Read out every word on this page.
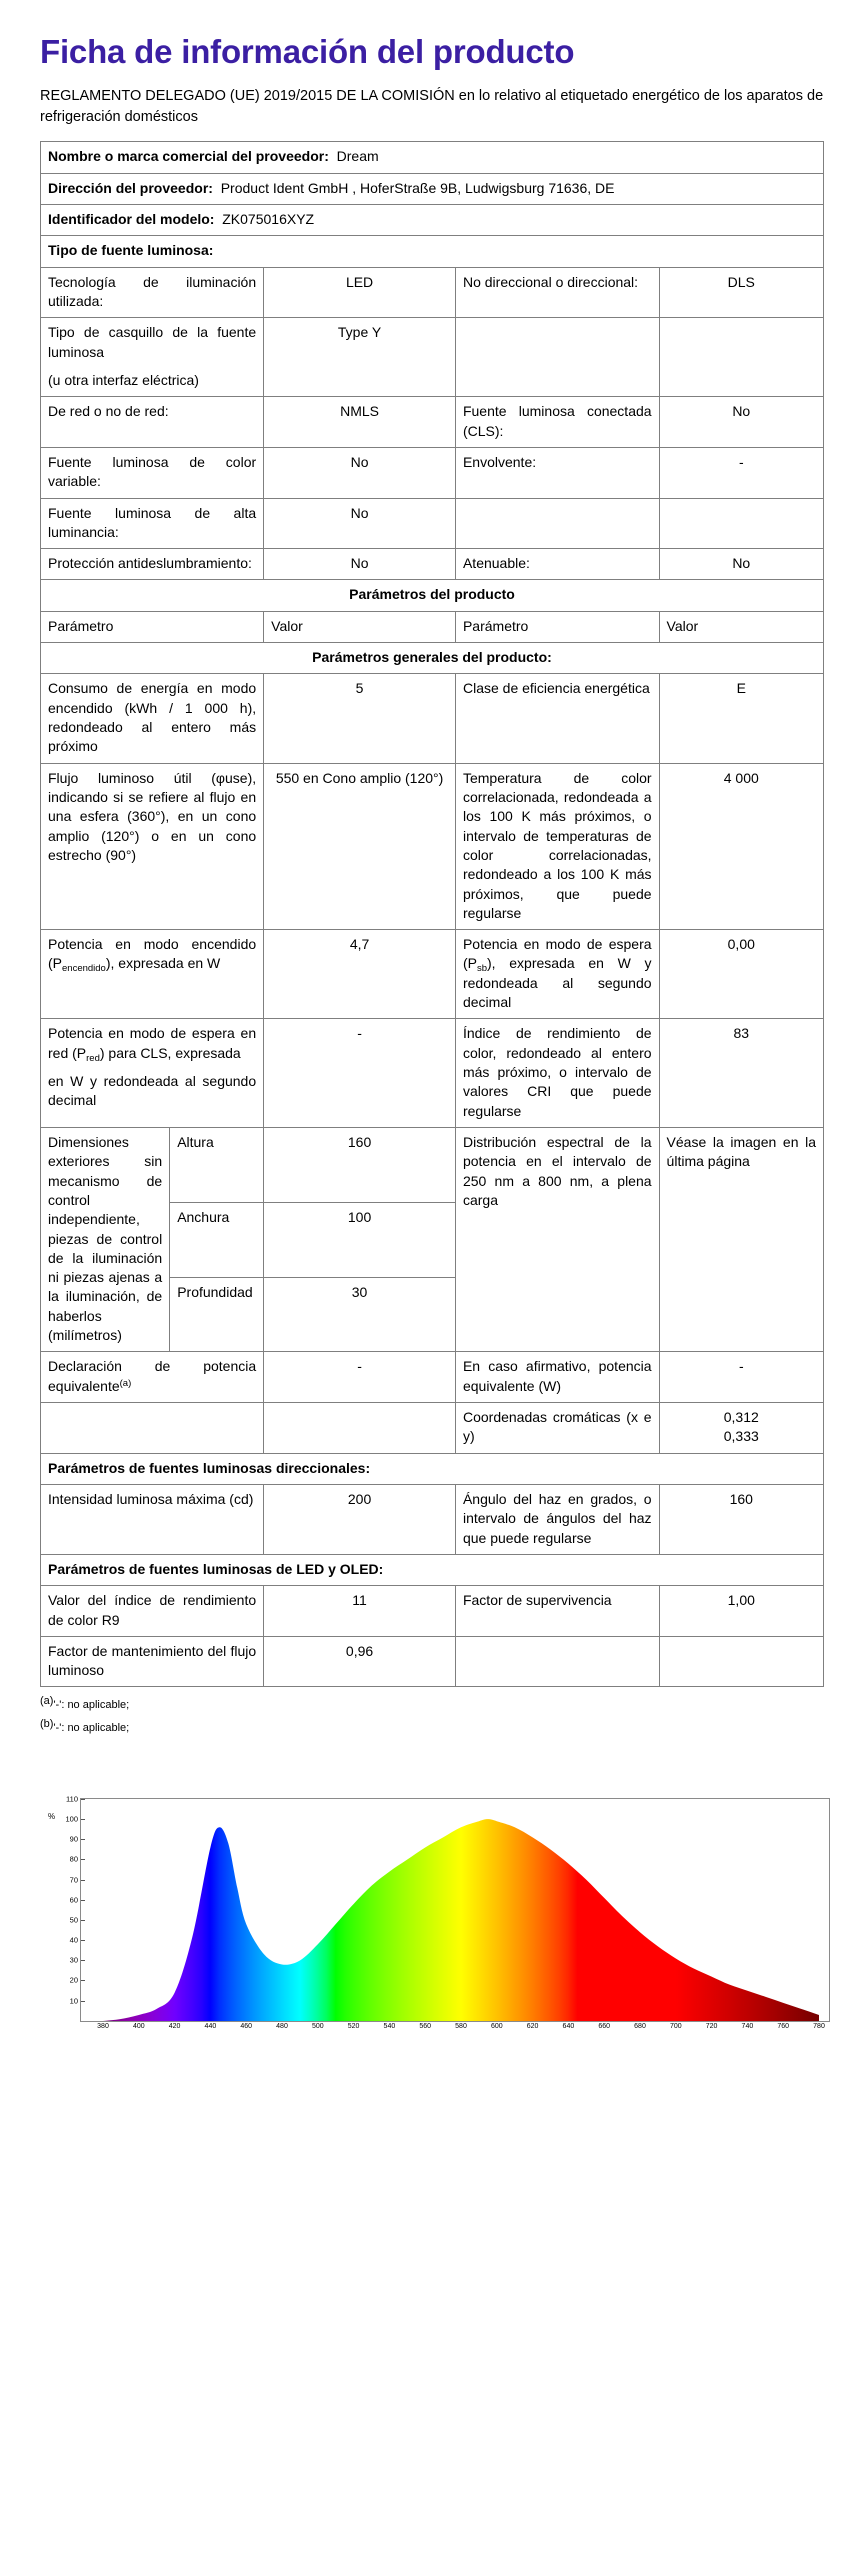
Ficha de información del producto
REGLAMENTO DELEGADO (UE) 2019/2015 DE LA COMISIÓN en lo relativo al etiquetado energético de los aparatos de refrigeración domésticos
Nombre o marca comercial del proveedor: Dream				
Dirección del proveedor: Product Ident GmbH , HoferStraße 9B, Ludwigsburg 71636, DE				
Identificador del modelo: ZK075016XYZ				
Tipo de fuente luminosa:				
Tecnología de iluminación utilizada:		LED	No direccional o direccional:	DLS

Tipo de casquillo de la fuente luminosa
(u otra interfaz eléctrica)		Type Y		
De red o no de red:		NMLS	Fuente luminosa conectada (CLS):	No
Fuente luminosa de color variable:		No	Envolvente:	-
Fuente luminosa de alta luminancia:		No		
Protección antideslumbramiento:		No	Atenuable:	No
Parámetros del producto				
Parámetro		Valor	Parámetro	Valor
Parámetros generales del producto:				
Consumo de energía en modo encendido (kWh / 1 000 h), redondeado al entero más próximo		5	Clase de eficiencia energética	E
Flujo luminoso útil (φuse), indicando si se refiere al flujo en una esfera (360°), en un cono amplio (120°) o en un cono estrecho (90°)		550 en Cono amplio (120°)	Temperatura de color correlacionada, redondeada a los 100 K más próximos, o intervalo de temperaturas de color correlacionadas, redondeado a los 100 K más próximos, que puede regularse	4 000
Potencia en modo encendido $(P_{encendido})$, expresada en W		4,7	Potencia en modo de espera $(P_{sb})$, expresada en W y redondeada al segundo decimal	0,00
Potencia en modo de espera en red $(P_{red})$ para CLS, expresada
en W y redondeada al segundo decimal		-	Índice de rendimiento de color, redondeado al entero más próximo, o intervalo de valores CRI que puede regularse	83
Dimensiones exteriores sin mecanismo de control independiente, piezas de control de la iluminación ni piezas ajenas a la iluminación, de haberlos (milímetros)	Altura	160	Distribución espectral de la potencia en el intervalo de 250 nm a 800 nm, a plena carga	Véase la imagen en la última página
	Anchura	100		
	Profundidad	30		
Declaración de potencia equivalente$^{(a)}$		-	En caso afirmativo, potencia equivalente (W)	-
			Coordenadas cromáticas (x e y)	0,312
0,333

Parámetros de fuentes luminosas direccionales:				
Intensidad luminosa máxima (cd)		200	Ángulo del haz en grados, o intervalo de ángulos del haz que puede regularse	160
Parámetros de fuentes luminosas de LED y OLED:				
Valor del índice de rendimiento de color R9		11	Factor de supervivencia	1,00
Factor de mantenimiento del flujo luminoso		0,96		
$^{(a)}$'-': no aplicable;
$^{(b)}$'-': no aplicable;
%
10
20
30
40
50
60
70
80
90
100
110
380	400	420	440	460	480	500	520	540	560	580	600	620	640	660	680	700	720	740	760	780
